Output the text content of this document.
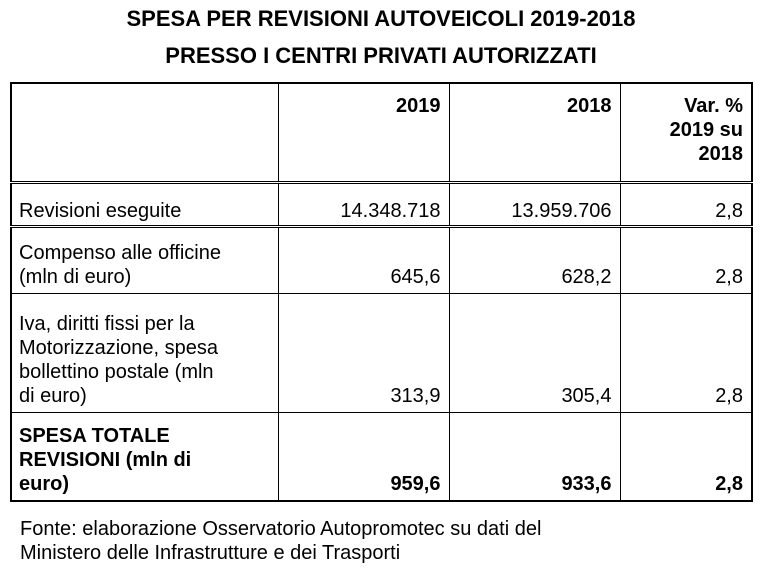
SPESA PER REVISIONI AUTOVEICOLI 2019-2018
PRESSO I CENTRI PRIVATI AUTORIZZATI
	2019	2018	Var. %
2019 su
2018

Revisioni eseguite	14.348.718	13.959.706	2,8

Compenso alle officine
(mln di euro)	645,6	628,2	2,8

Iva, diritti fissi per la
Motorizzazione, spesa
bollettino postale (mln
di euro)	313,9	305,4	2,8

SPESA TOTALE
REVISIONI (mln di
euro)	959,6	933,6	2,8
Fonte: elaborazione Osservatorio Autopromotec su dati del
Ministero delle Infrastrutture e dei Trasporti
